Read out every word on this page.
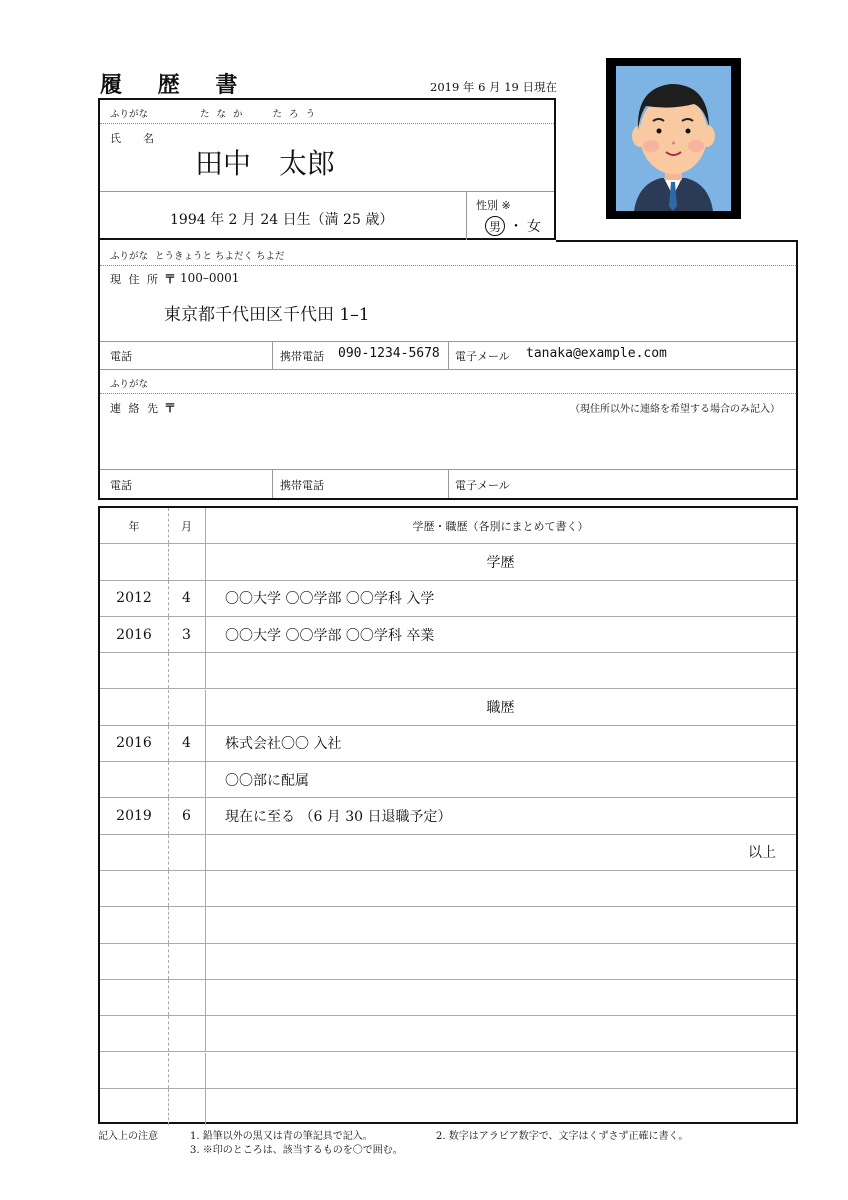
履 歴 書	2019 年 6 月 19 日現在
ふりがな	た な か　　 た ろ う
氏　　名
田中　太郎
1994 年 2 月 24 日生（満 25 歳）
性別 ※
男 ・ 女
ふりがな とうきょうと ちよだく ちよだ
現 住 所 〒 100–0001
東京都千代田区千代田 1–1
電話	携帯電話 090-1234-5678 電子メール tanaka@example.com
ふりがな
連 絡 先 〒	（現住所以外に連絡を希望する場合のみ記入）
電話	携帯電話	電子メール
年	月	学歴・職歴（各別にまとめて書く）
学歴
2012	4	〇〇大学 〇〇学部 〇〇学科 入学
2016	3	〇〇大学 〇〇学部 〇〇学科 卒業
職歴
2016	4	株式会社〇〇 入社
〇〇部に配属
2019	6	現在に至る （6 月 30 日退職予定）
以上
記入上の注意	1. 鉛筆以外の黒又は青の筆記具で記入。	2. 数字はアラビア数字で、文字はくずさず正確に書く。
3. ※印のところは、該当するものを〇で囲む。
